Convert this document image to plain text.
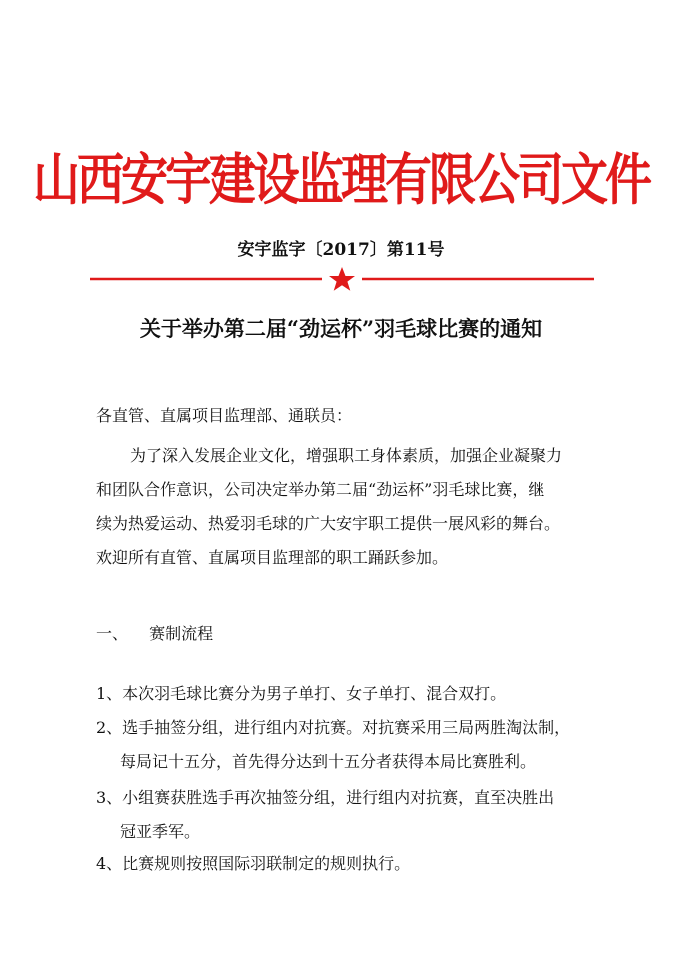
山西安宇建设监理有限公司文件
安宇监字〔2017〕第11号
关于举办第二届“劲运杯”羽毛球比赛的通知
各直管、直属项目监理部、通联员：
为了深入发展企业文化，增强职工身体素质，加强企业凝聚力
和团队合作意识，公司决定举办第二届“劲运杯”羽毛球比赛，继
续为热爱运动、热爱羽毛球的广大安宇职工提供一展风彩的舞台。
欢迎所有直管、直属项目监理部的职工踊跃参加。
一、 赛制流程
1、本次羽毛球比赛分为男子单打、女子单打、混合双打。
2、选手抽签分组，进行组内对抗赛。对抗赛采用三局两胜淘汰制，
每局记十五分，首先得分达到十五分者获得本局比赛胜利。
3、小组赛获胜选手再次抽签分组，进行组内对抗赛，直至决胜出
冠亚季军。
4、比赛规则按照国际羽联制定的规则执行。
